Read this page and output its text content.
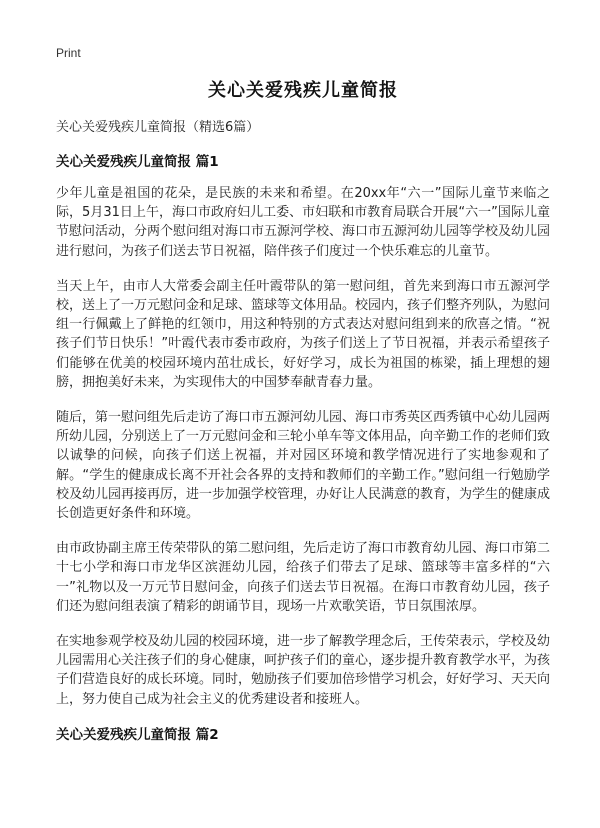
Print
关心关爱残疾儿童简报

关心关爱残疾儿童简报（精选6篇）

关心关爱残疾儿童简报 篇1

少年儿童是祖国的花朵，是民族的未来和希望。在20xx年“六一”国际儿童节来临之际，5月31日上午，海口市政府妇儿工委、市妇联和市教育局联合开展“六一”国际儿童节慰问活动，分两个慰问组对海口市五源河学校、海口市五源河幼儿园等学校及幼儿园进行慰问，为孩子们送去节日祝福，陪伴孩子们度过一个快乐难忘的儿童节。

当天上午，由市人大常委会副主任叶霞带队的第一慰问组，首先来到海口市五源河学校，送上了一万元慰问金和足球、篮球等文体用品。校园内，孩子们整齐列队，为慰问组一行佩戴上了鲜艳的红领巾，用这种特别的方式表达对慰问组到来的欣喜之情。“祝孩子们节日快乐！”叶霞代表市委市政府，为孩子们送上了节日祝福，并表示希望孩子们能够在优美的校园环境内茁壮成长，好好学习，成长为祖国的栋梁，插上理想的翅膀，拥抱美好未来，为实现伟大的中国梦奉献青春力量。

随后，第一慰问组先后走访了海口市五源河幼儿园、海口市秀英区西秀镇中心幼儿园两所幼儿园，分别送上了一万元慰问金和三轮小单车等文体用品，向辛勤工作的老师们致以诚挚的问候，向孩子们送上祝福，并对园区环境和教学情况进行了实地参观和了解。“学生的健康成长离不开社会各界的支持和教师们的辛勤工作。”慰问组一行勉励学校及幼儿园再接再厉，进一步加强学校管理，办好让人民满意的教育，为学生的健康成长创造更好条件和环境。

由市政协副主席王传荣带队的第二慰问组，先后走访了海口市教育幼儿园、海口市第二十七小学和海口市龙华区滨涯幼儿园，给孩子们带去了足球、篮球等丰富多样的“六一”礼物以及一万元节日慰问金，向孩子们送去节日祝福。在海口市教育幼儿园，孩子们还为慰问组表演了精彩的朗诵节目，现场一片欢歌笑语，节日氛围浓厚。

在实地参观学校及幼儿园的校园环境，进一步了解教学理念后，王传荣表示，学校及幼儿园需用心关注孩子们的身心健康，呵护孩子们的童心，逐步提升教育教学水平，为孩子们营造良好的成长环境。同时，勉励孩子们要加倍珍惜学习机会，好好学习、天天向上，努力使自己成为社会主义的优秀建设者和接班人。

关心关爱残疾儿童简报 篇2
